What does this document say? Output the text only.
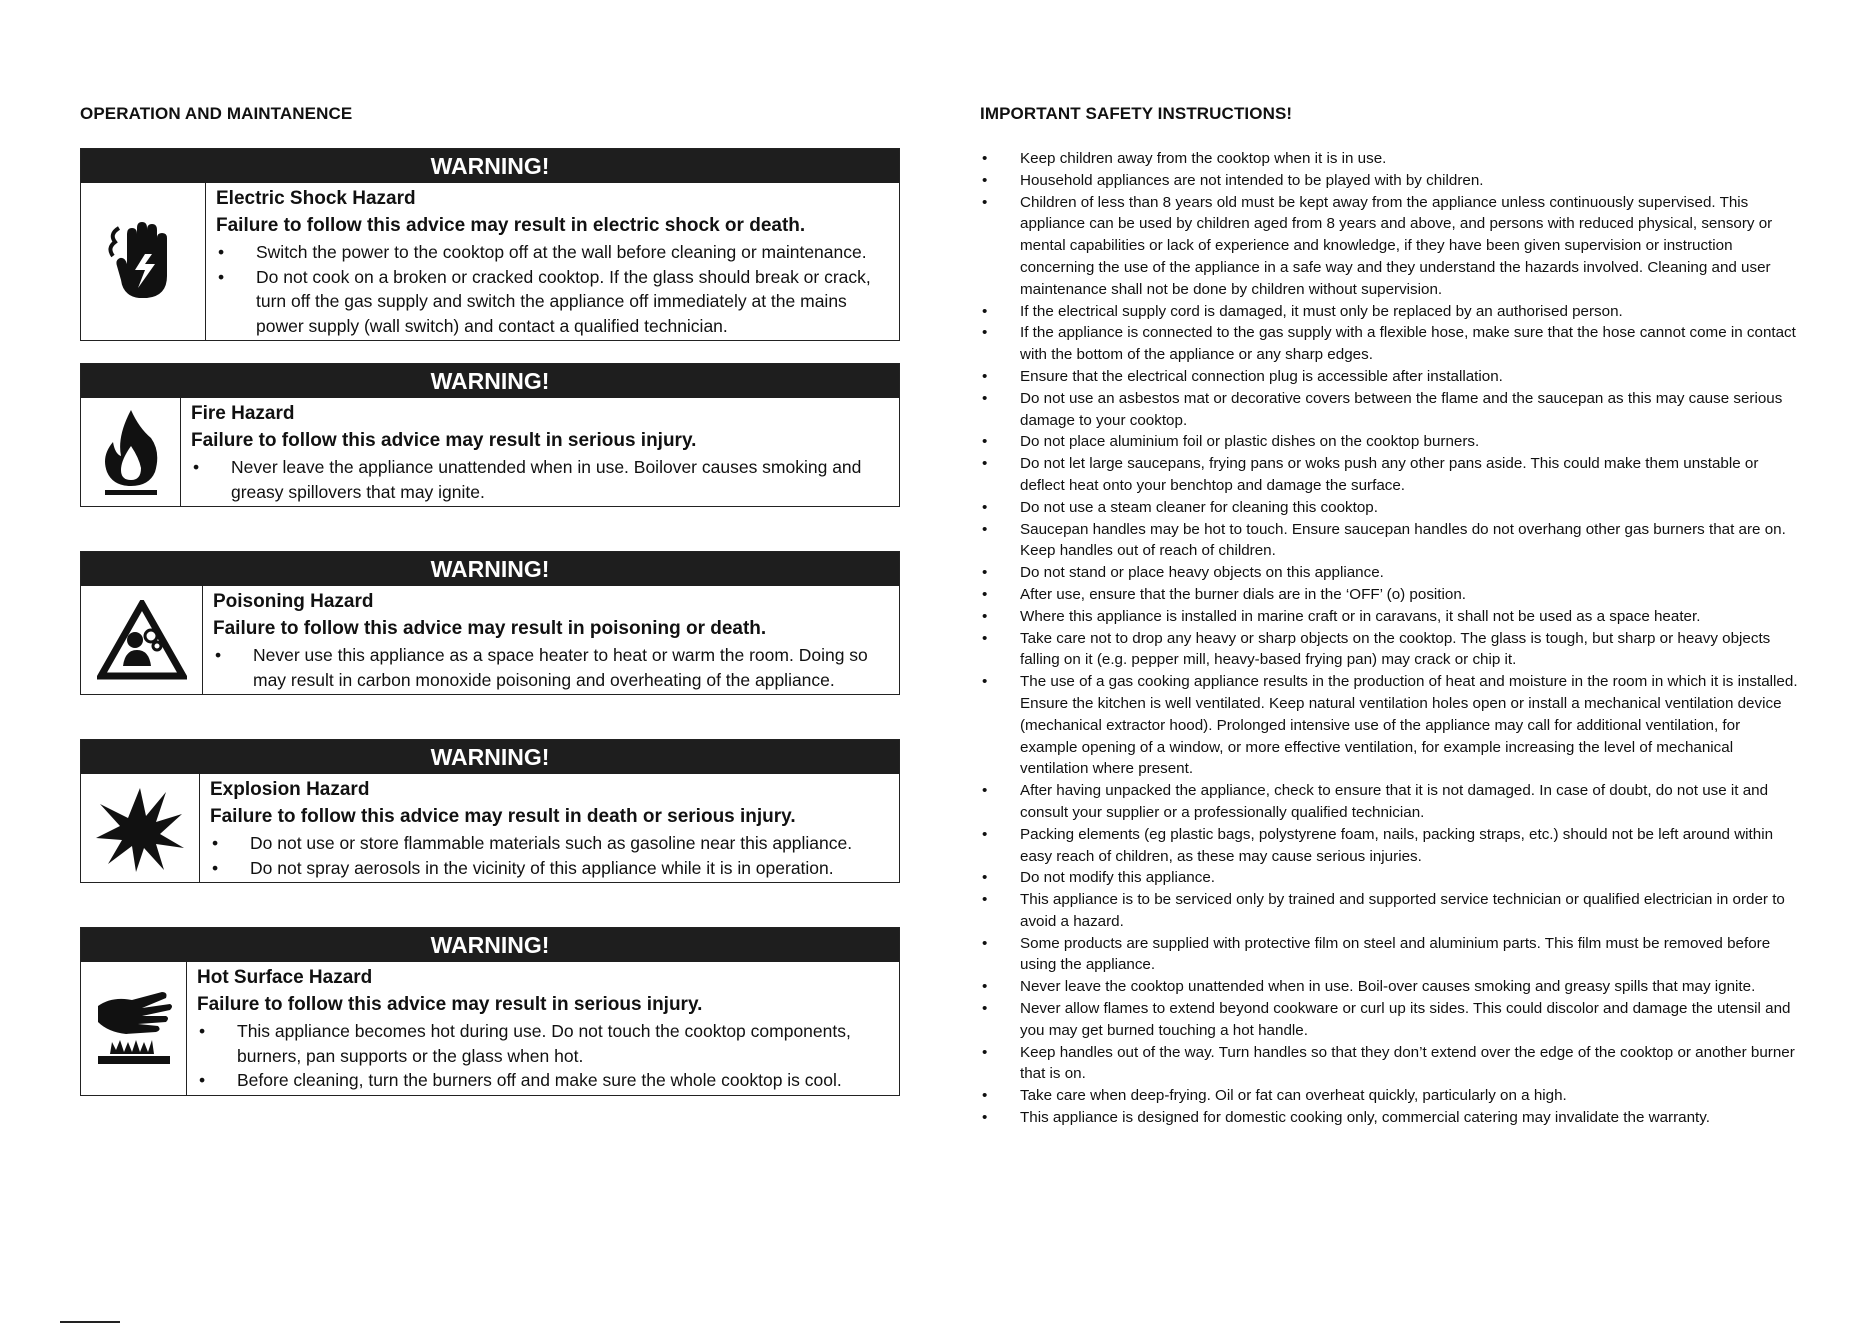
OPERATION AND MAINTANENCE
WARNING!
Electric Shock Hazard
Failure to follow this advice may result in electric shock or death.
• Switch the power to the cooktop off at the wall before cleaning or maintenance.
• Do not cook on a broken or cracked cooktop. If the glass should break or crack, turn off the gas supply and switch the appliance off immediately at the mains power supply (wall switch) and contact a qualified technician.
WARNING!
Fire Hazard
Failure to follow this advice may result in serious injury.
• Never leave the appliance unattended when in use. Boilover causes smoking and greasy spillovers that may ignite.
WARNING!
Poisoning Hazard
Failure to follow this advice may result in poisoning or death.
• Never use this appliance as a space heater to heat or warm the room. Doing so may result in carbon monoxide poisoning and overheating of the appliance.
WARNING!
Explosion Hazard
Failure to follow this advice may result in death or serious injury.
• Do not use or store flammable materials such as gasoline near this appliance.
• Do not spray aerosols in the vicinity of this appliance while it is in operation.
WARNING!
Hot Surface Hazard
Failure to follow this advice may result in serious injury.
• This appliance becomes hot during use. Do not touch the cooktop components, burners, pan supports or the glass when hot.
• Before cleaning, turn the burners off and make sure the whole cooktop is cool.
IMPORTANT SAFETY INSTRUCTIONS!
• Keep children away from the cooktop when it is in use.
• Household appliances are not intended to be played with by children.
• Children of less than 8 years old must be kept away from the appliance unless continuously supervised. This appliance can be used by children aged from 8 years and above, and persons with reduced physical, sensory or mental capabilities or lack of experience and knowledge, if they have been given supervision or instruction concerning the use of the appliance in a safe way and they understand the hazards involved. Cleaning and user maintenance shall not be done by children without supervision.
• If the electrical supply cord is damaged, it must only be replaced by an authorised person.
• If the appliance is connected to the gas supply with a flexible hose, make sure that the hose cannot come in contact with the bottom of the appliance or any sharp edges.
• Ensure that the electrical connection plug is accessible after installation.
• Do not use an asbestos mat or decorative covers between the flame and the saucepan as this may cause serious damage to your cooktop.
• Do not place aluminium foil or plastic dishes on the cooktop burners.
• Do not let large saucepans, frying pans or woks push any other pans aside. This could make them unstable or deflect heat onto your benchtop and damage the surface.
• Do not use a steam cleaner for cleaning this cooktop.
• Saucepan handles may be hot to touch. Ensure saucepan handles do not overhang other gas burners that are on. Keep handles out of reach of children.
• Do not stand or place heavy objects on this appliance.
• After use, ensure that the burner dials are in the ‘OFF’ (o) position.
• Where this appliance is installed in marine craft or in caravans, it shall not be used as a space heater.
• Take care not to drop any heavy or sharp objects on the cooktop. The glass is tough, but sharp or heavy objects falling on it (e.g. pepper mill, heavy-based frying pan) may crack or chip it.
• The use of a gas cooking appliance results in the production of heat and moisture in the room in which it is installed. Ensure the kitchen is well ventilated. Keep natural ventilation holes open or install a mechanical ventilation device (mechanical extractor hood). Prolonged intensive use of the appliance may call for additional ventilation, for example opening of a window, or more effective ventilation, for example increasing the level of mechanical ventilation where present.
• After having unpacked the appliance, check to ensure that it is not damaged. In case of doubt, do not use it and consult your supplier or a professionally qualified technician.
• Packing elements (eg plastic bags, polystyrene foam, nails, packing straps, etc.) should not be left around within easy reach of children, as these may cause serious injuries.
• Do not modify this appliance.
• This appliance is to be serviced only by trained and supported service technician or qualified electrician in order to avoid a hazard.
• Some products are supplied with protective film on steel and aluminium parts. This film must be removed before using the appliance.
• Never leave the cooktop unattended when in use. Boil-over causes smoking and greasy spills that may ignite.
• Never allow flames to extend beyond cookware or curl up its sides. This could discolor and damage the utensil and you may get burned touching a hot handle.
• Keep handles out of the way. Turn handles so that they don’t extend over the edge of the cooktop or another burner that is on.
• Take care when deep-frying. Oil or fat can overheat quickly, particularly on a high.
• This appliance is designed for domestic cooking only, commercial catering may invalidate the warranty.
